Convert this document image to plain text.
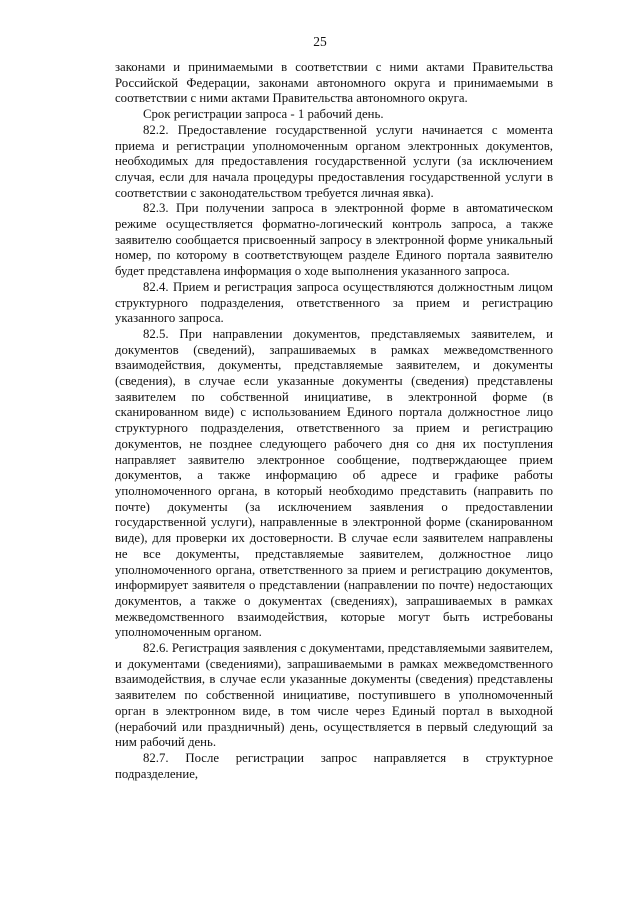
25

законами и принимаемыми в соответствии с ними актами Правительства Российской Федерации, законами автономного округа и принимаемыми в соответствии с ними актами Правительства автономного округа.

Срок регистрации запроса - 1 рабочий день.

82.2. Предоставление государственной услуги начинается с момента приема и регистрации уполномоченным органом электронных документов, необходимых для предоставления государственной услуги (за исключением случая, если для начала процедуры предоставления государственной услуги в соответствии с законодательством требуется личная явка).

82.3. При получении запроса в электронной форме в автоматическом режиме осуществляется форматно-логический контроль запроса, а также заявителю сообщается присвоенный запросу в электронной форме уникальный номер, по которому в соответствующем разделе Единого портала заявителю будет представлена информация о ходе выполнения указанного запроса.

82.4. Прием и регистрация запроса осуществляются должностным лицом структурного подразделения, ответственного за прием и регистрацию указанного запроса.

82.5. При направлении документов, представляемых заявителем, и документов (сведений), запрашиваемых в рамках межведомственного взаимодействия, документы, представляемые заявителем, и документы (сведения), в случае если указанные документы (сведения) представлены заявителем по собственной инициативе, в электронной форме (в сканированном виде) с использованием Единого портала должностное лицо структурного подразделения, ответственного за прием и регистрацию документов, не позднее следующего рабочего дня со дня их поступления направляет заявителю электронное сообщение, подтверждающее прием документов, а также информацию об адресе и графике работы уполномоченного органа, в который необходимо представить (направить по почте) документы (за исключением заявления о предоставлении государственной услуги), направленные в электронной форме (сканированном виде), для проверки их достоверности. В случае если заявителем направлены не все документы, представляемые заявителем, должностное лицо уполномоченного органа, ответственного за прием и регистрацию документов, информирует заявителя о представлении (направлении по почте) недостающих документов, а также о документах (сведениях), запрашиваемых в рамках межведомственного взаимодействия, которые могут быть истребованы уполномоченным органом.

82.6. Регистрация заявления с документами, представляемыми заявителем, и документами (сведениями), запрашиваемыми в рамках межведомственного взаимодействия, в случае если указанные документы (сведения) представлены заявителем по собственной инициативе, поступившего в уполномоченный орган в электронном виде, в том числе через Единый портал в выходной (нерабочий или праздничный) день, осуществляется в первый следующий за ним рабочий день.

82.7. После регистрации запрос направляется в структурное подразделение,
